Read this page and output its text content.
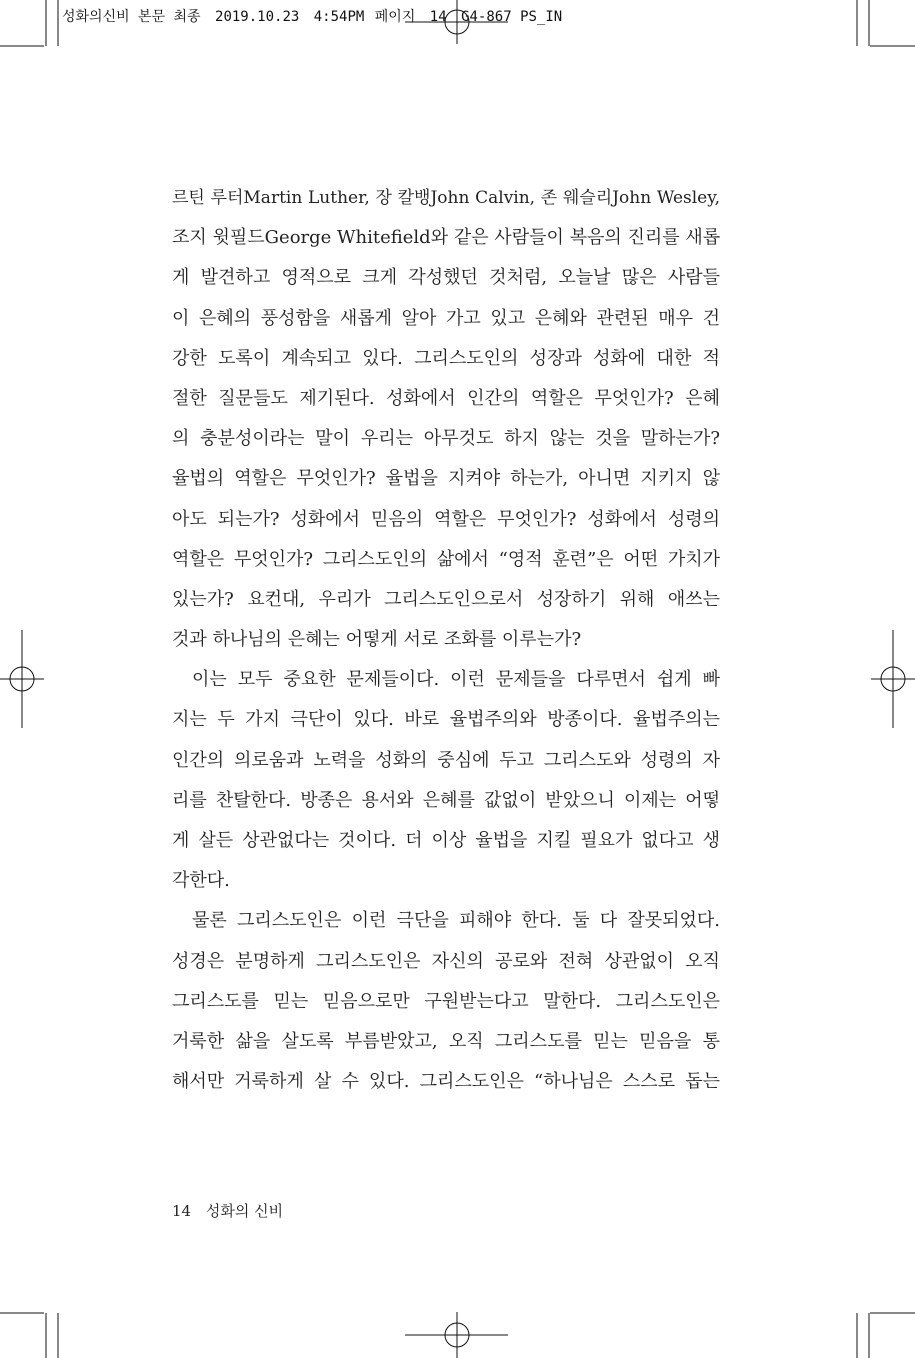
성화의신비 본문 최종 2019.10.23 4:54PM 페이지 14 G4-867 PS_IN
르틴 루터Martin Luther, 장 칼뱅John Calvin, 존 웨슬리John Wesley,
조지 윗필드George Whitefield와 같은 사람들이 복음의 진리를 새롭
게 발견하고 영적으로 크게 각성했던 것처럼, 오늘날 많은 사람들
이 은혜의 풍성함을 새롭게 알아 가고 있고 은혜와 관련된 매우 건
강한 도록이 계속되고 있다. 그리스도인의 성장과 성화에 대한 적
절한 질문들도 제기된다. 성화에서 인간의 역할은 무엇인가? 은혜
의 충분성이라는 말이 우리는 아무것도 하지 않는 것을 말하는가?
율법의 역할은 무엇인가? 율법을 지켜야 하는가, 아니면 지키지 않
아도 되는가? 성화에서 믿음의 역할은 무엇인가? 성화에서 성령의
역할은 무엇인가? 그리스도인의 삶에서 “영적 훈련”은 어떤 가치가
있는가? 요컨대, 우리가 그리스도인으로서 성장하기 위해 애쓰는
것과 하나님의 은혜는 어떻게 서로 조화를 이루는가?
이는 모두 중요한 문제들이다. 이런 문제들을 다루면서 쉽게 빠
지는 두 가지 극단이 있다. 바로 율법주의와 방종이다. 율법주의는
인간의 의로움과 노력을 성화의 중심에 두고 그리스도와 성령의 자
리를 찬탈한다. 방종은 용서와 은혜를 값없이 받았으니 이제는 어떻
게 살든 상관없다는 것이다. 더 이상 율법을 지킬 필요가 없다고 생
각한다.
물론 그리스도인은 이런 극단을 피해야 한다. 둘 다 잘못되었다.
성경은 분명하게 그리스도인은 자신의 공로와 전혀 상관없이 오직
그리스도를 믿는 믿음으로만 구원받는다고 말한다. 그리스도인은
거룩한 삶을 살도록 부름받았고, 오직 그리스도를 믿는 믿음을 통
해서만 거룩하게 살 수 있다. 그리스도인은 “하나님은 스스로 돕는
14 성화의 신비
